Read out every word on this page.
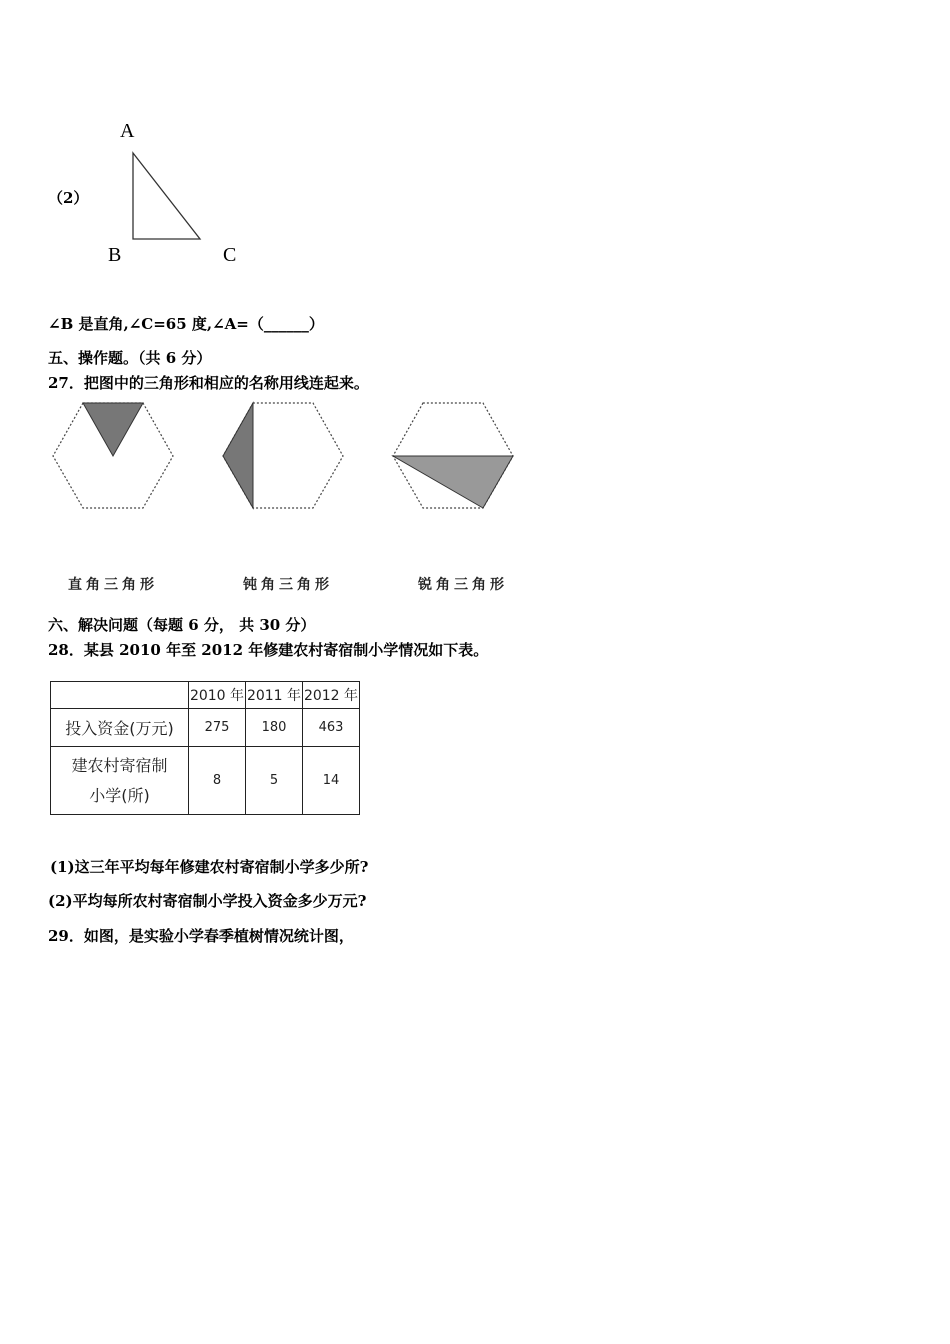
（2）
A
B	C
∠B 是直角,∠C=65 度,∠A=（______）
五、操作题。（共 6 分）
27．把图中的三角形和相应的名称用线连起来。
直角三角形	钝角三角形	锐角三角形
六、解决问题（每题 6 分， 共 30 分）
28．某县 2010 年至 2012 年修建农村寄宿制小学情况如下表。
	2010 年	2011 年	2012 年
投入资金(万元)	275	180	463

建农村寄宿制
小学(所)	8	5	14
(1)这三年平均每年修建农村寄宿制小学多少所?
(2)平均每所农村寄宿制小学投入资金多少万元?
29．如图，是实验小学春季植树情况统计图，
